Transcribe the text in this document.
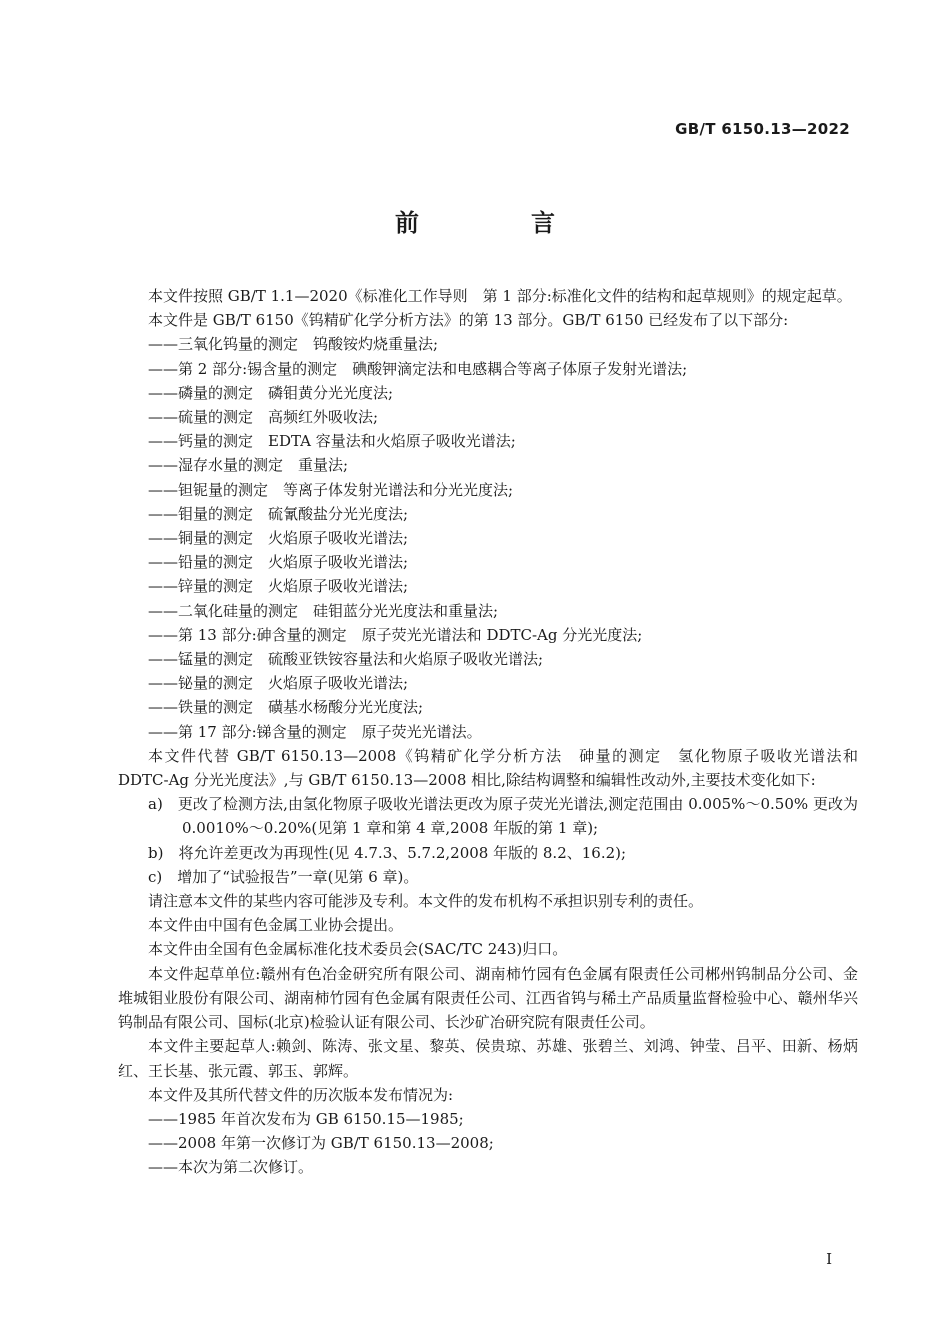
GB/T 6150.13—2022
前　言

本文件按照 GB/T 1.1—2020《标准化工作导则　第 1 部分:标准化文件的结构和起草规则》的规定起草。

本文件是 GB/T 6150《钨精矿化学分析方法》的第 13 部分。GB/T 6150 已经发布了以下部分:

——三氧化钨量的测定　钨酸铵灼烧重量法;

——第 2 部分:锡含量的测定　碘酸钾滴定法和电感耦合等离子体原子发射光谱法;

——磷量的测定　磷钼黄分光光度法;

——硫量的测定　高频红外吸收法;

——钙量的测定　EDTA 容量法和火焰原子吸收光谱法;

——湿存水量的测定　重量法;

——钽铌量的测定　等离子体发射光谱法和分光光度法;

——钼量的测定　硫氰酸盐分光光度法;

——铜量的测定　火焰原子吸收光谱法;

——铅量的测定　火焰原子吸收光谱法;

——锌量的测定　火焰原子吸收光谱法;

——二氧化硅量的测定　硅钼蓝分光光度法和重量法;

——第 13 部分:砷含量的测定　原子荧光光谱法和 DDTC-Ag 分光光度法;

——锰量的测定　硫酸亚铁铵容量法和火焰原子吸收光谱法;

——铋量的测定　火焰原子吸收光谱法;

——铁量的测定　磺基水杨酸分光光度法;

——第 17 部分:锑含量的测定　原子荧光光谱法。

本文件代替 GB/T 6150.13—2008《钨精矿化学分析方法　砷量的测定　氢化物原子吸收光谱法和 DDTC-Ag 分光光度法》,与 GB/T 6150.13—2008 相比,除结构调整和编辑性改动外,主要技术变化如下:

a)　更改了检测方法,由氢化物原子吸收光谱法更改为原子荧光光谱法,测定范围由 0.005%～0.50% 更改为 0.0010%～0.20%(见第 1 章和第 4 章,2008 年版的第 1 章);

b)　将允许差更改为再现性(见 4.7.3、5.7.2,2008 年版的 8.2、16.2);

c)　增加了“试验报告”一章(见第 6 章)。

请注意本文件的某些内容可能涉及专利。本文件的发布机构不承担识别专利的责任。

本文件由中国有色金属工业协会提出。

本文件由全国有色金属标准化技术委员会(SAC/TC 243)归口。

本文件起草单位:赣州有色冶金研究所有限公司、湖南柿竹园有色金属有限责任公司郴州钨制品分公司、金堆城钼业股份有限公司、湖南柿竹园有色金属有限责任公司、江西省钨与稀土产品质量监督检验中心、赣州华兴钨制品有限公司、国标(北京)检验认证有限公司、长沙矿冶研究院有限责任公司。

本文件主要起草人:赖剑、陈涛、张文星、黎英、侯贵琼、苏雄、张碧兰、刘鸿、钟莹、吕平、田新、杨炳红、王长基、张元霞、郭玉、郭辉。

本文件及其所代替文件的历次版本发布情况为:

——1985 年首次发布为 GB 6150.15—1985;

——2008 年第一次修订为 GB/T 6150.13—2008;

——本次为第二次修订。

I
